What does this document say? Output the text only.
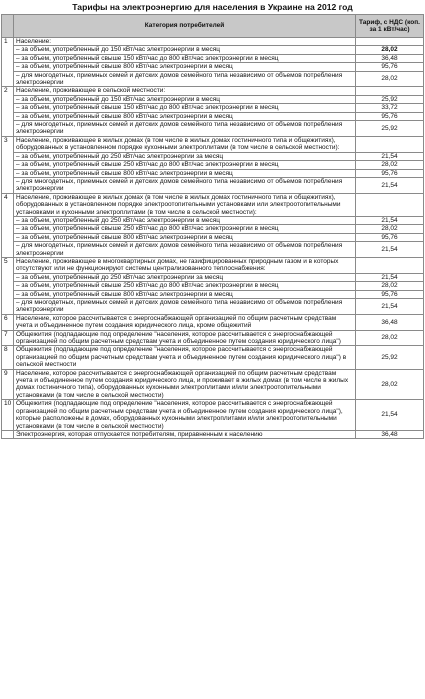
Тарифы на электроэнергию для населения в Украине на 2012 год
	Категория потребителей	Тариф, с НДС (коп. за 1 кВт/час)
1	Население:	
	– за объем, употребленный до 150 кВт/час электроэнергии в месяц	28,02
	– за объем, употребленный свыше 150 кВт/час до 800 кВт/час электроэнергии в месяц	36,48
	– за объем, употребленный свыше 800 кВт/час электроэнергии в месяц	95,76
	– для многодетных, приемных семей и детских домов семейного типа независимо от объемов потребления электроэнергии	28,02
2	Население, проживающее в сельской местности:	
	– за объем, употребленный до 150 кВт/час электроэнергии в месяц	25,92
	– за объем, употребленный свыше 150 кВт/час до 800 кВт/час электроэнергии в месяц	33,72
	– за объем, употребленный свыше 800 кВт/час электроэнергии в месяц	95,76
	– для многодетных, приемных семей и детских домов семейного типа независимо от объемов потребления электроэнергии	25,92
3	Население, проживающее в жилых домах (в том числе в жилых домах гостиничного типа и общежитиях), оборудованных в установленном порядке кухонными электроплитами (в том числе в сельской местности):	
	– за объем, употребленный до 250 кВт/час электроэнергии за месяц	21,54
	– за объем, употребленный свыше 250 кВт/час до 800 кВт/час электроэнергии в месяц	28,02
	– за объем, употребленный свыше 800 кВт/час электроэнергии в месяц	95,76
	– для многодетных, приемных семей и детских домов семейного типа независимо от объемов потребления электроэнергии	21,54
4	Население, проживающее в жилых домах (в том числе в жилых домах гостиничного типа и общежитиях), оборудованных в установленном порядке электроотопительными установками или электроотопительными установками и кухонными электроплитами (в том числе в сельской местности):	
	– за объем, употребленный до 250 кВт/час электроэнергии в месяц	21,54
	– за объем, употребленный свыше 250 кВт/час до 800 кВт/час электроэнергии в месяц	28,02
	– за объем, употребленный свыше 800 кВт/час электроэнергии в месяц	95,76
	– для многодетных, приемных семей и детских домов семейного типа независимо от объемов потребления электроэнергии	21,54
5	Население, проживающее в многоквартирных домах, не газифицированных природным газом и в которых отсутствуют или не функционируют системы централизованного теплоснабжения:	
	– за объем, употребленный до 250 кВт/час электроэнергии за месяц	21,54
	– за объем, употребленный свыше 250 кВт/час до 800 кВт/час электроэнергии в месяц	28,02
	– за объем, употребленный свыше 800 кВт/час электроэнергии в месяц	95,76
	– для многодетных, приемных семей и детских домов семейного типа независимо от объемов потребления электроэнергии	21,54
6	Население, которое рассчитывается с энергоснабжающей организацией по общим расчетным средствам учета и объединенное путем создания юридического лица, кроме общежитий	36,48
7	Общежития (подпадающие под определение "населения, которое рассчитывается с энергоснабжающей организацией по общим расчетным средствам учета и объединенное путем создания юридического лица")	28,02
8	Общежития (подпадающие под определение "населения, которое рассчитывается с энергоснабжающей организацией по общим расчетным средствам учета и объединенное путем создания юридического лица") в сельской местности	25,92
9	Население, которое рассчитывается с энергоснабжающей организацией по общим расчетным средствам учета и объединенное путем создания юридического лица, и проживает в жилых домах (в том числе в жилых домах гостиничного типа), оборудованных кухонными электроплитами и/или электроотопительными установками (в том числе в сельской местности)	28,02
10	Общежития (подпадающие под определение "населения, которое рассчитывается с энергоснабжающей организацией по общим расчетным средствам учета и объединенное путем создания юридического лица"), которые расположены в домах, оборудованных кухонными электроплитами и/или электроотопительными установками (в том числе в сельской местности)	21,54
	Электроэнергия, которая отпускается потребителям, приравненным к населению	36,48
